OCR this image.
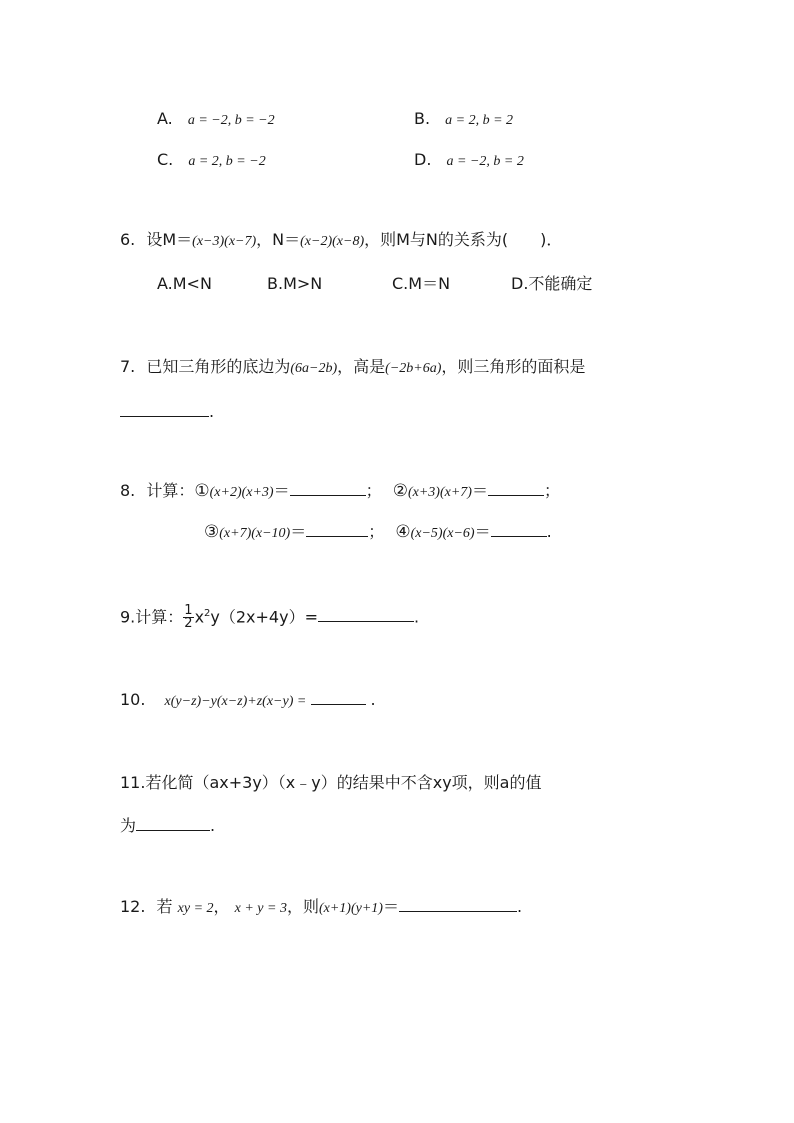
A. a = −2, b = −2	B. a = 2, b = 2
C. a = 2, b = −2	D. a = −2, b = 2
6. 设M＝(x−3)(x−7)，N＝(x−2)(x−8)，则M与N的关系为(　　)．
A.M<N	B.M>N	C.M＝N	D.不能确定
7. 已知三角形的底边为(6a−2b)，高是(−2b+6a)，则三角形的面积是
.
8. 计算：①(x+2)(x+3)＝	； ②(x+3)(x+7)＝	；
③(x+7)(x−10)＝	； ④(x−5)(x−6)＝	.
9.计算： $\frac{1}{2} x^2y(2x+4y)=$	.
10. x(y−z)−y(x−z)+z(x−y) =	.
11.若化简（ax+3y）（x﹣y）的结果中不含xy项，则a的值
为	.
12. 若 xy = 2， x + y = 3，则(x+1)(y+1)＝	.
